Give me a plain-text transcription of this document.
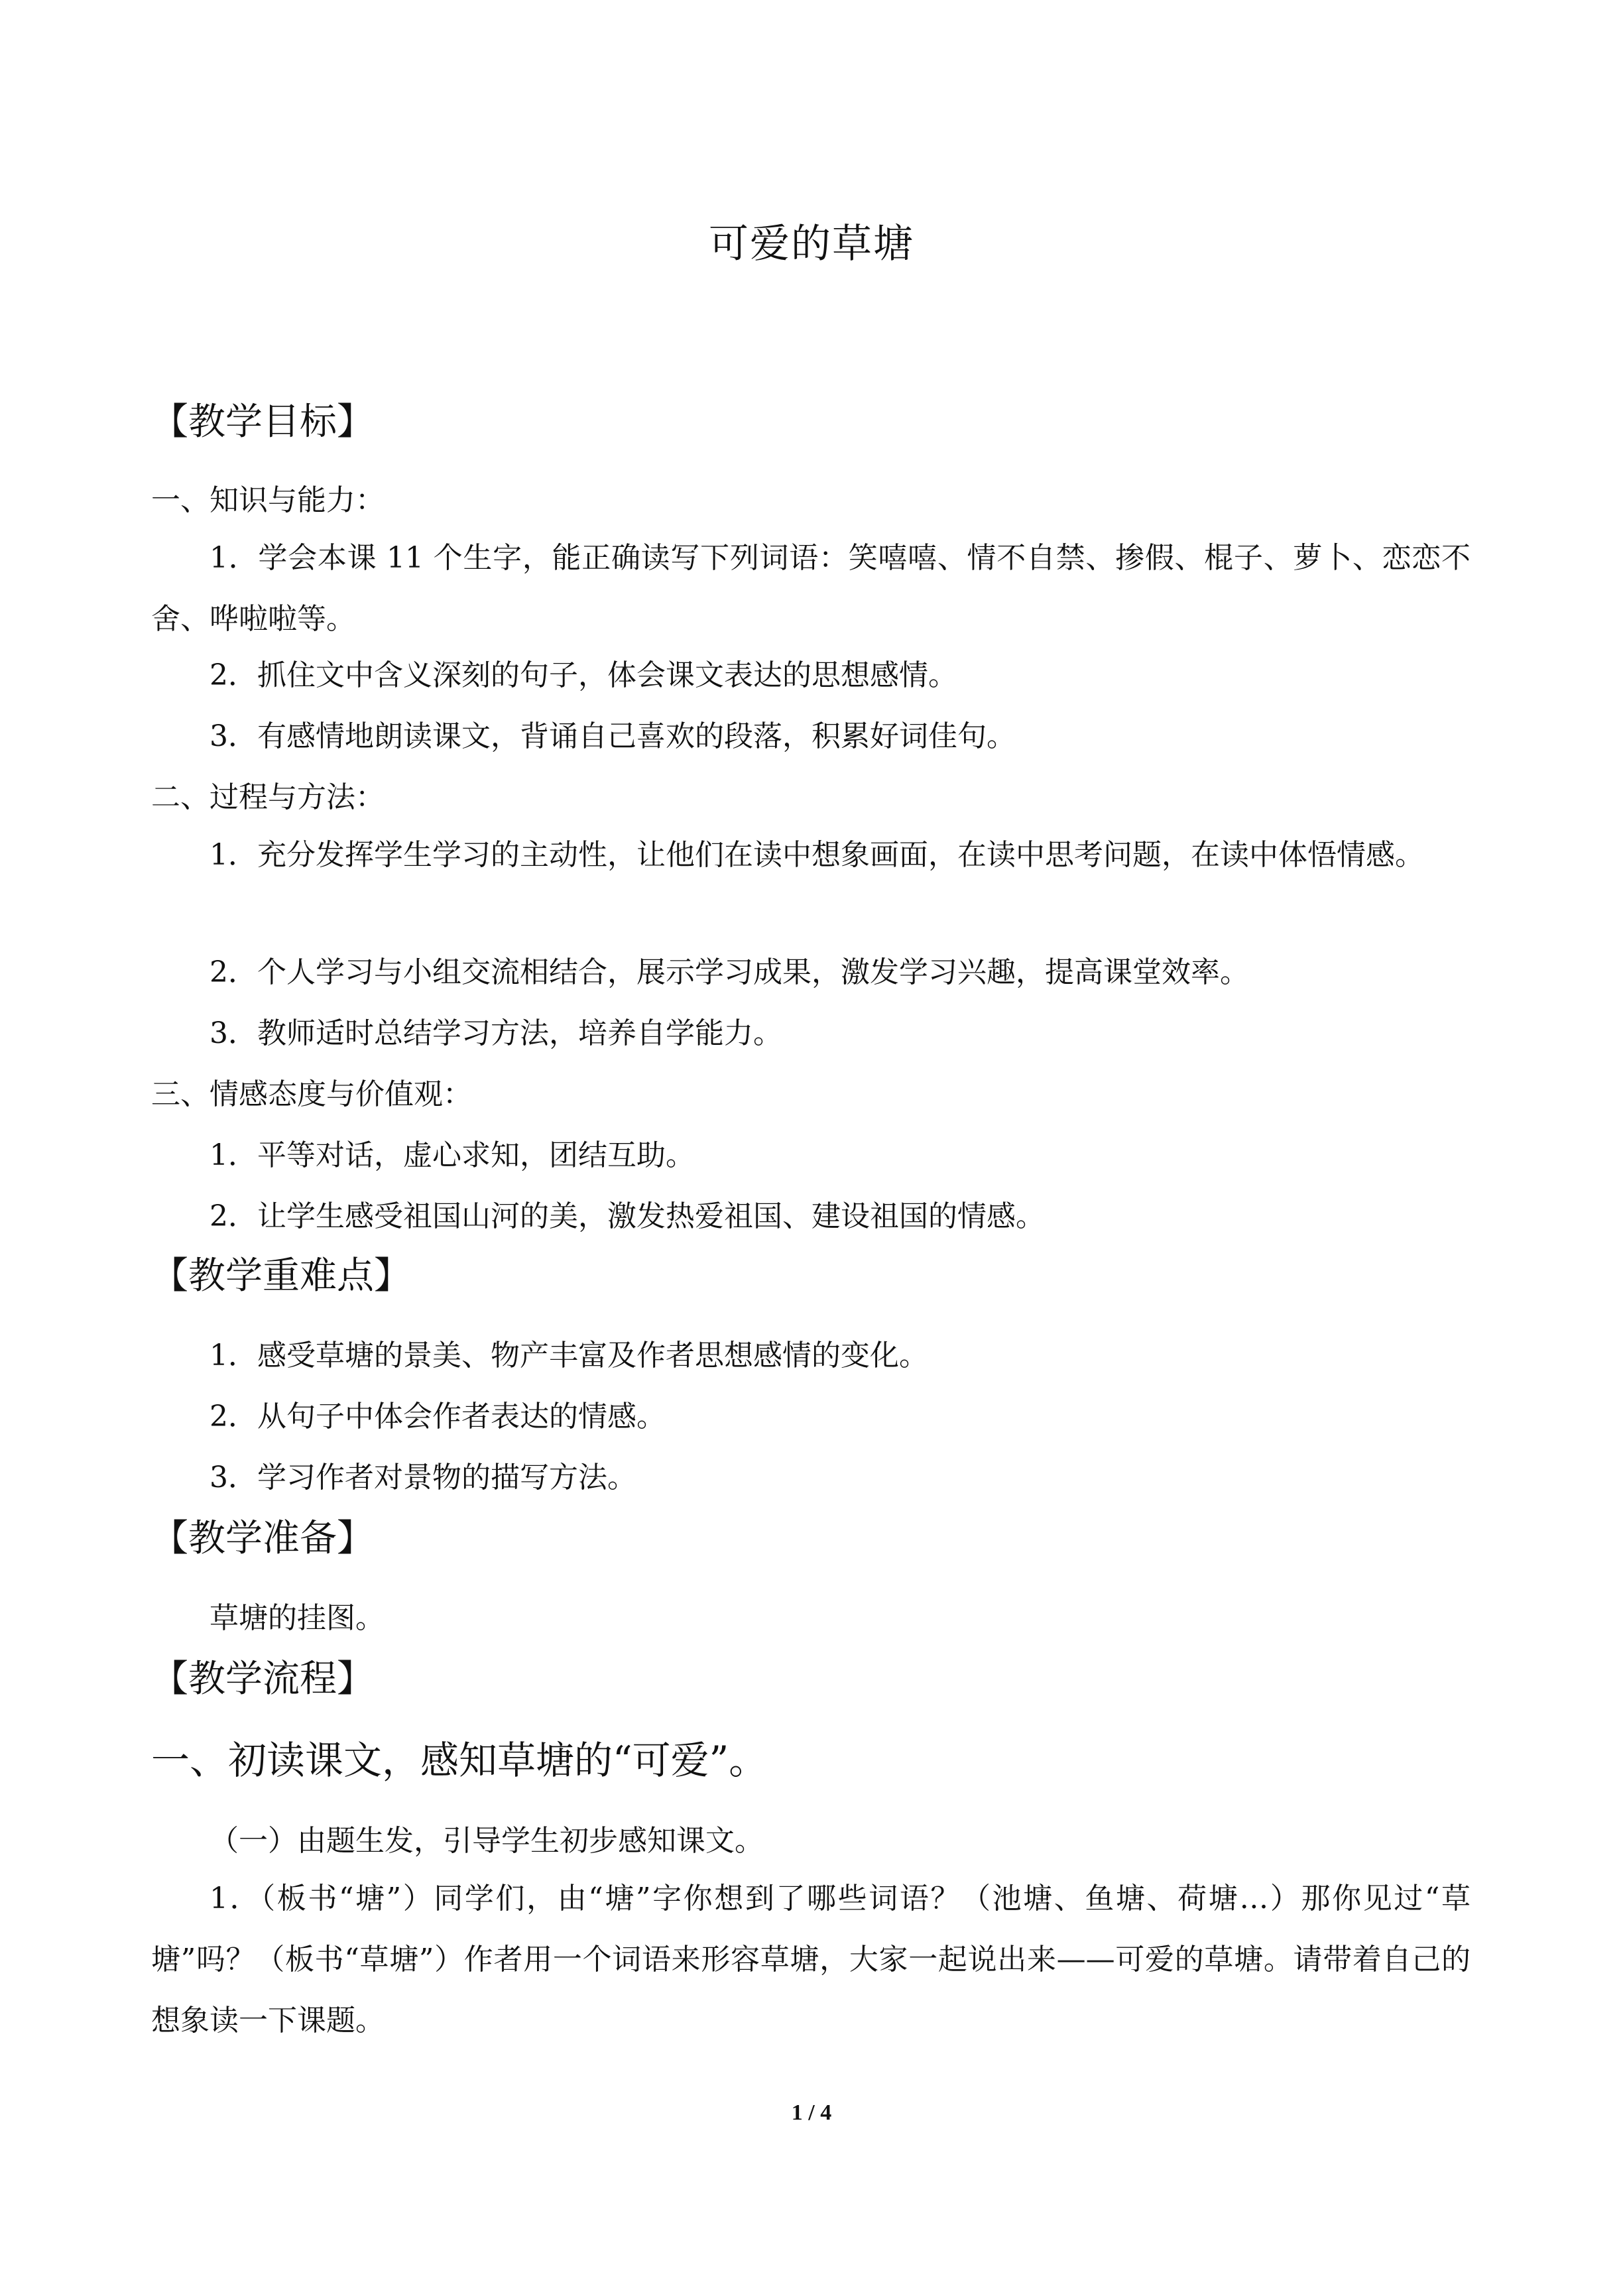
可爱的草塘
【教学目标】
一、知识与能力：
1．学会本课 11 个生字，能正确读写下列词语：笑嘻嘻、情不自禁、掺假、棍子、萝卜、恋恋不舍、哗啦啦等。
2．抓住文中含义深刻的句子，体会课文表达的思想感情。
3．有感情地朗读课文，背诵自己喜欢的段落，积累好词佳句。
二、过程与方法：
1．充分发挥学生学习的主动性，让他们在读中想象画面，在读中思考问题，在读中体悟情感。
2．个人学习与小组交流相结合，展示学习成果，激发学习兴趣，提高课堂效率。
3．教师适时总结学习方法，培养自学能力。
三、情感态度与价值观：
1．平等对话，虚心求知，团结互助。
2．让学生感受祖国山河的美，激发热爱祖国、建设祖国的情感。
【教学重难点】
1．感受草塘的景美、物产丰富及作者思想感情的变化。
2．从句子中体会作者表达的情感。
3．学习作者对景物的描写方法。
【教学准备】
草塘的挂图。
【教学流程】
一、初读课文，感知草塘的“可爱”。
（一）由题生发，引导学生初步感知课文。
1．（板书“塘”）同学们，由“塘”字你想到了哪些词语？（池塘、鱼塘、荷塘…）那你见过“草塘”吗？（板书“草塘”）作者用一个词语来形容草塘，大家一起说出来——可爱的草塘。请带着自己的想象读一下课题。
1 / 4
